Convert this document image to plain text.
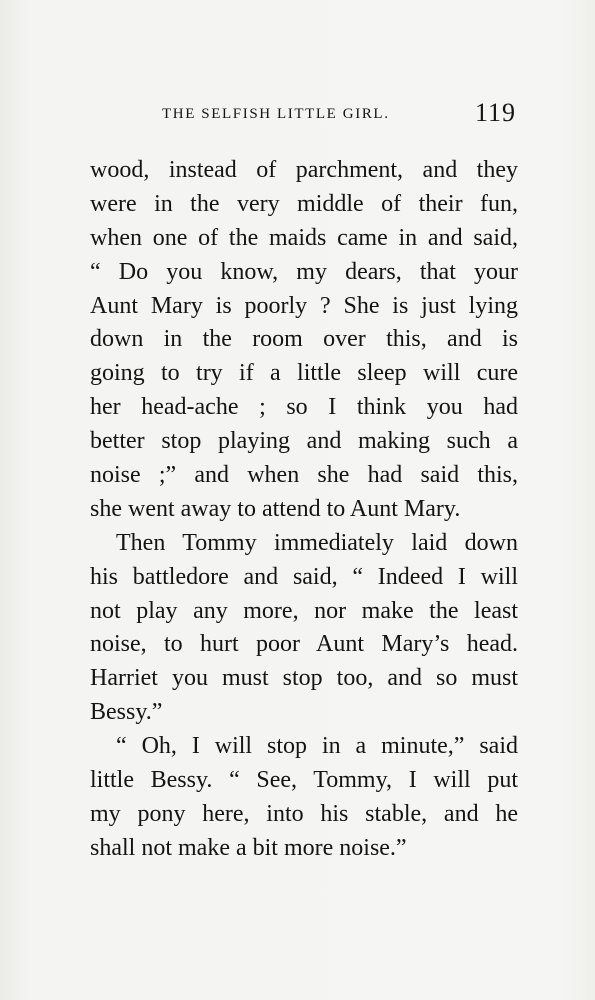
THE SELFISH LITTLE GIRL.	119
wood, instead of parchment, and they
were in the very middle of their fun,
when one of the maids came in and said,
“ Do you know, my dears, that your
Aunt Mary is poorly ? She is just lying
down in the room over this, and is
going to try if a little sleep will cure
her head-ache ; so I think you had
better stop playing and making such a
noise ;” and when she had said this,
she went away to attend to Aunt Mary.
Then Tommy immediately laid down
his battledore and said, “ Indeed I will
not play any more, nor make the least
noise, to hurt poor Aunt Mary’s head.
Harriet you must stop too, and so must
Bessy.”
“ Oh, I will stop in a minute,” said
little Bessy. “ See, Tommy, I will put
my pony here, into his stable, and he
shall not make a bit more noise.”
